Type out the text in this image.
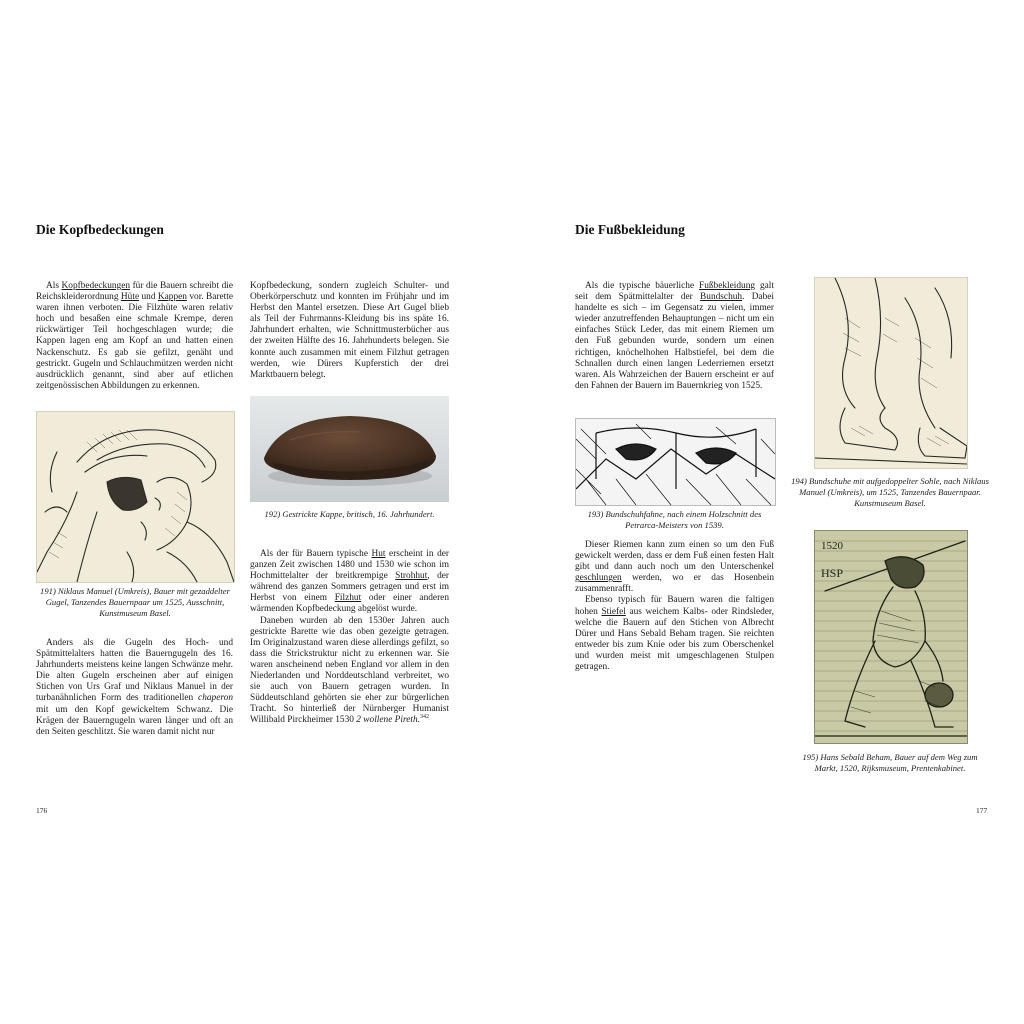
Die Kopfbedeckungen

Als Kopfbedeckungen für die Bauern schreibt die Reichskleiderordnung Hüte und Kappen vor. Barette waren ihnen verboten. Die Filzhüte waren relativ hoch und besaßen eine schmale Krempe, deren rückwärtiger Teil hochgeschlagen wurde; die Kappen lagen eng am Kopf an und hatten einen Nackenschutz. Es gab sie gefilzt, genäht und gestrickt. Gugeln und Schlauchmützen werden nicht ausdrücklich genannt, sind aber auf etlichen zeitgenössischen Abbildungen zu erkennen.

191) Niklaus Manuel (Umkreis), Bauer mit gezaddelter Gugel, Tanzendes Bauernpaar um 1525, Ausschnitt, Kunstmuseum Basel.

Anders als die Gugeln des Hoch- und Spätmittelalters hatten die Bauerngugeln des 16. Jahrhunderts meistens keine langen Schwänze mehr. Die alten Gugeln erscheinen aber auf einigen Stichen von Urs Graf und Niklaus Manuel in der turbanähnlichen Form des traditionellen chaperon mit um den Kopf gewickeltem Schwanz. Die Krägen der Bauerngugeln waren länger und oft an den Seiten geschlitzt. Sie waren damit nicht nur

Kopfbedeckung, sondern zugleich Schulter- und Oberkörperschutz und konnten im Frühjahr und im Herbst den Mantel ersetzen. Diese Art Gugel blieb als Teil der Fuhrmanns-Kleidung bis ins späte 16. Jahrhundert erhalten, wie Schnittmusterbücher aus der zweiten Hälfte des 16. Jahrhunderts belegen. Sie konnte auch zusammen mit einem Filzhut getragen werden, wie Dürers Kupferstich der drei Marktbauern belegt.

192) Gestrickte Kappe, britisch, 16. Jahrhundert.

Als der für Bauern typische Hut erscheint in der ganzen Zeit zwischen 1480 und 1530 wie schon im Hochmittelalter der breitkrempige Strohhut, der während des ganzen Sommers getragen und erst im Herbst von einem Filzhut oder einer anderen wärmenden Kopfbedeckung abgelöst wurde.

Daneben wurden ab den 1530er Jahren auch gestrickte Barette wie das oben gezeigte getragen. Im Originalzustand waren diese allerdings gefilzt, so dass die Strickstruktur nicht zu erkennen war. Sie waren anscheinend neben England vor allem in den Niederlanden und Norddeutschland verbreitet, wo sie auch von Bauern getragen wurden. In Süddeutschland gehörten sie eher zur bürgerlichen Tracht. So hinterließ der Nürnberger Humanist Willibald Pirckheimer 1530 2 wollene Pireth.$^{342}$

176
Die Fußbekleidung

Als die typische bäuerliche Fußbekleidung galt seit dem Spätmittelalter der Bundschuh. Dabei handelte es sich – im Gegensatz zu vielen, immer wieder anzutreffenden Behauptungen – nicht um ein einfaches Stück Leder, das mit einem Riemen um den Fuß gebunden wurde, sondern um einen richtigen, knöchelhohen Halbstiefel, bei dem die Schnallen durch einen langen Lederriemen ersetzt waren. Als Wahrzeichen der Bauern erscheint er auf den Fahnen der Bauern im Bauernkrieg von 1525.

193) Bundschuhfahne, nach einem Holzschnitt des Petrarca-Meisters von 1539.

Dieser Riemen kann zum einen so um den Fuß gewickelt werden, dass er dem Fuß einen festen Halt gibt und dann auch noch um den Unterschenkel geschlungen werden, wo er das Hosenbein zusammenrafft.

Ebenso typisch für Bauern waren die faltigen hohen Stiefel aus weichem Kalbs- oder Rindsleder, welche die Bauern auf den Stichen von Albrecht Dürer und Hans Sebald Beham tragen. Sie reichten entweder bis zum Knie oder bis zum Oberschenkel und wurden meist mit umgeschlagenen Stulpen getragen.

194) Bundschuhe mit aufgedoppelter Sohle, nach Niklaus Manuel (Umkreis), um 1525, Tanzendes Bauernpaar. Kunstmuseum Basel.

HSP
1520

195) Hans Sebald Beham, Bauer auf dem Weg zum Markt, 1520, Rijksmuseum, Prentenkabinet.

177
